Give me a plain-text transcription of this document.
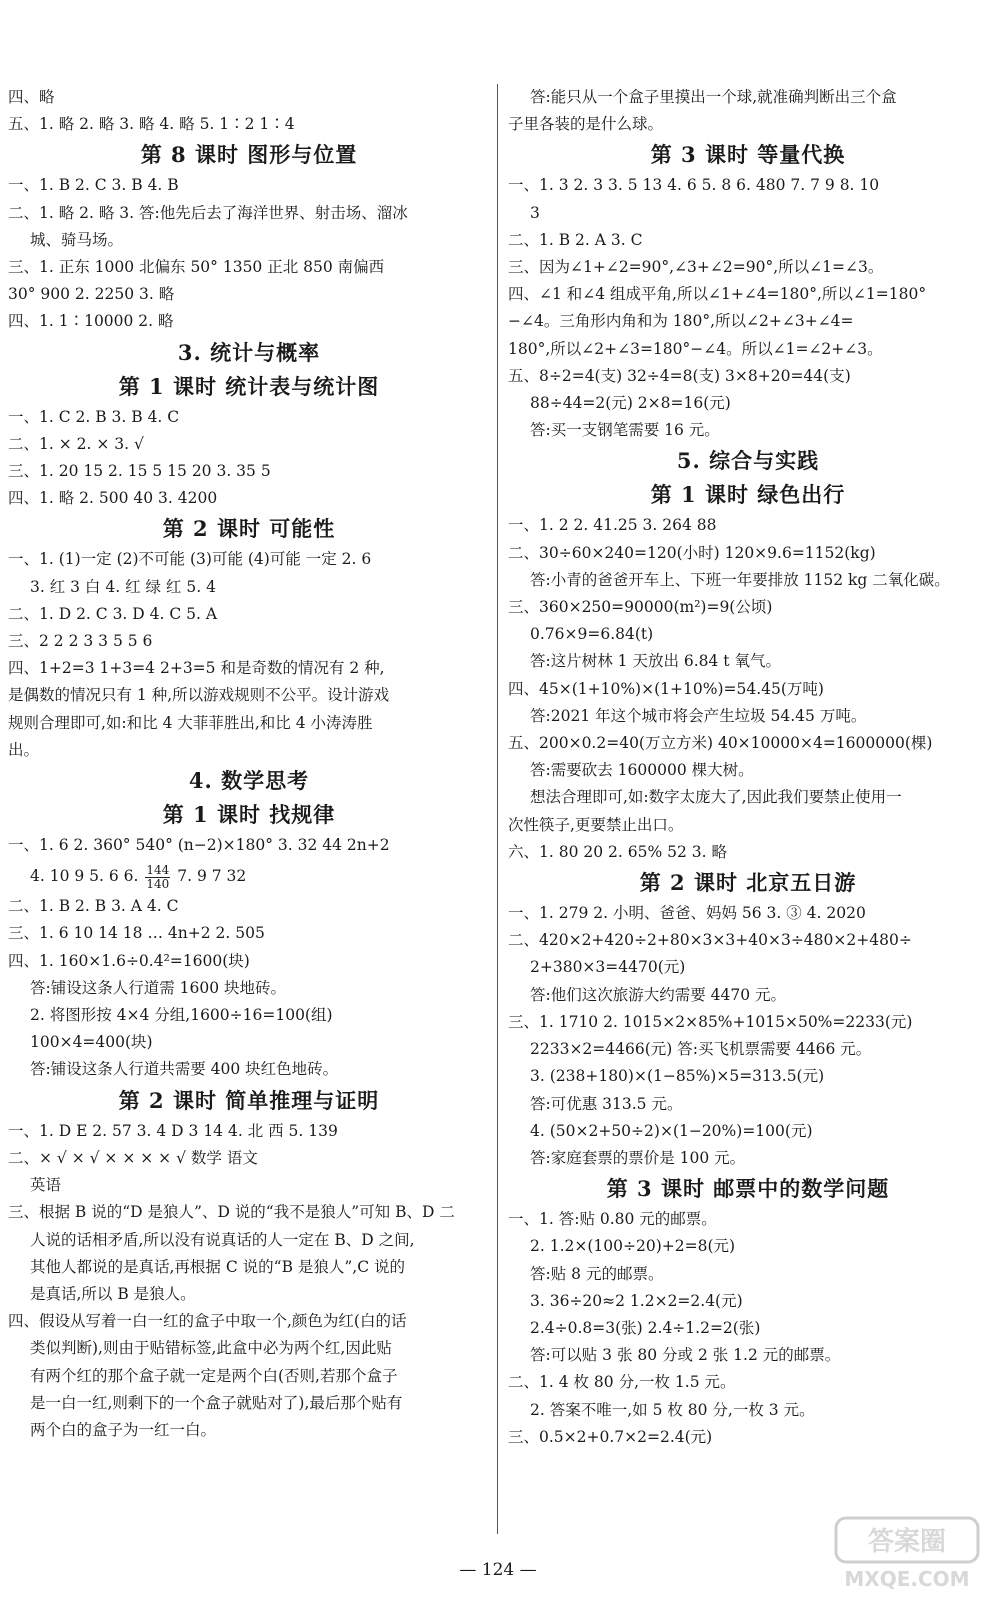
四、略
五、1. 略 2. 略 3. 略 4. 略 5. 1∶2 1∶4
第 8 课时 图形与位置
一、1. B 2. C 3. B 4. B
二、1. 略 2. 略 3. 答:他先后去了海洋世界、射击场、溜冰
城、骑马场。
三、1. 正东 1000 北偏东 50° 1350 正北 850 南偏西
30° 900 2. 2250 3. 略
四、1. 1∶10000 2. 略
3. 统计与概率
第 1 课时 统计表与统计图
一、1. C 2. B 3. B 4. C
二、1. × 2. × 3. √
三、1. 20 15 2. 15 5 15 20 3. 35 5
四、1. 略 2. 500 40 3. 4200
第 2 课时 可能性
一、1. (1)一定 (2)不可能 (3)可能 (4)可能 一定 2. 6
3. 红 3 白 4. 红 绿 红 5. 4
二、1. D 2. C 3. D 4. C 5. A
三、2 2 2 3 3 5 5 6
四、1+2=3 1+3=4 2+3=5 和是奇数的情况有 2 种,
是偶数的情况只有 1 种,所以游戏规则不公平。设计游戏
规则合理即可,如:和比 4 大菲菲胜出,和比 4 小涛涛胜
出。
4. 数学思考
第 1 课时 找规律
一、1. 6 2. 360° 540° (n−2)×180° 3. 32 44 2n+2
4. 10 9 5. 6 6. $\frac{144}{140} 7$. 9 7 32
二、1. B 2. B 3. A 4. C
三、1. 6 10 14 18 … 4n+2 2. 505
四、1. 160×1.6÷0.4²=1600(块)
答:铺设这条人行道需 1600 块地砖。
2. 将图形按 4×4 分组,1600÷16=100(组)
100×4=400(块)
答:铺设这条人行道共需要 400 块红色地砖。
第 2 课时 简单推理与证明
一、1. D E 2. 57 3. 4 D 3 14 4. 北 西 5. 139
二、× √ × √ × × × × √ 数学 语文
英语
三、根据 B 说的“D 是狼人”、D 说的“我不是狼人”可知 B、D 二
人说的话相矛盾,所以没有说真话的人一定在 B、D 之间,
其他人都说的是真话,再根据 C 说的“B 是狼人”,C 说的
是真话,所以 B 是狼人。
四、假设从写着一白一红的盒子中取一个,颜色为红(白的话
类似判断),则由于贴错标签,此盒中必为两个红,因此贴
有两个红的那个盒子就一定是两个白(否则,若那个盒子
是一白一红,则剩下的一个盒子就贴对了),最后那个贴有
两个白的盒子为一红一白。
答:能只从一个盒子里摸出一个球,就准确判断出三个盒
子里各装的是什么球。
第 3 课时 等量代换
一、1. 3 2. 3 3. 5 13 4. 6 5. 8 6. 480 7. 7 9 8. 10
3
二、1. B 2. A 3. C
三、因为∠1+∠2=90°,∠3+∠2=90°,所以∠1=∠3。
四、∠1 和∠4 组成平角,所以∠1+∠4=180°,所以∠1=180°
−∠4。三角形内角和为 180°,所以∠2+∠3+∠4=
180°,所以∠2+∠3=180°−∠4。所以∠1=∠2+∠3。
五、8÷2=4(支) 32÷4=8(支) 3×8+20=44(支)
88÷44=2(元) 2×8=16(元)
答:买一支钢笔需要 16 元。
5. 综合与实践
第 1 课时 绿色出行
一、1. 2 2. 41.25 3. 264 88
二、30÷60×240=120(小时) 120×9.6=1152(kg)
答:小青的爸爸开车上、下班一年要排放 1152 kg 二氧化碳。
三、360×250=90000(m²)=9(公顷)
0.76×9=6.84(t)
答:这片树林 1 天放出 6.84 t 氧气。
四、45×(1+10%)×(1+10%)=54.45(万吨)
答:2021 年这个城市将会产生垃圾 54.45 万吨。
五、200×0.2=40(万立方米) 40×10000×4=1600000(棵)
答:需要砍去 1600000 棵大树。
想法合理即可,如:数字太庞大了,因此我们要禁止使用一
次性筷子,更要禁止出口。
六、1. 80 20 2. 65% 52 3. 略
第 2 课时 北京五日游
一、1. 279 2. 小明、爸爸、妈妈 56 3. ③ 4. 2020
二、420×2+420÷2+80×3×3+40×3÷480×2+480÷
2+380×3=4470(元)
答:他们这次旅游大约需要 4470 元。
三、1. 1710 2. 1015×2×85%+1015×50%=2233(元)
2233×2=4466(元) 答:买飞机票需要 4466 元。
3. (238+180)×(1−85%)×5=313.5(元)
答:可优惠 313.5 元。
4. (50×2+50÷2)×(1−20%)=100(元)
答:家庭套票的票价是 100 元。
第 3 课时 邮票中的数学问题
一、1. 答:贴 0.80 元的邮票。
2. 1.2×(100÷20)+2=8(元)
答:贴 8 元的邮票。
3. 36÷20≈2 1.2×2=2.4(元)
2.4÷0.8=3(张) 2.4÷1.2=2(张)
答:可以贴 3 张 80 分或 2 张 1.2 元的邮票。
二、1. 4 枚 80 分,一枚 1.5 元。
2. 答案不唯一,如 5 枚 80 分,一枚 3 元。
三、0.5×2+0.7×2=2.4(元)
— 124 —
答案圈
MXQE.COM
